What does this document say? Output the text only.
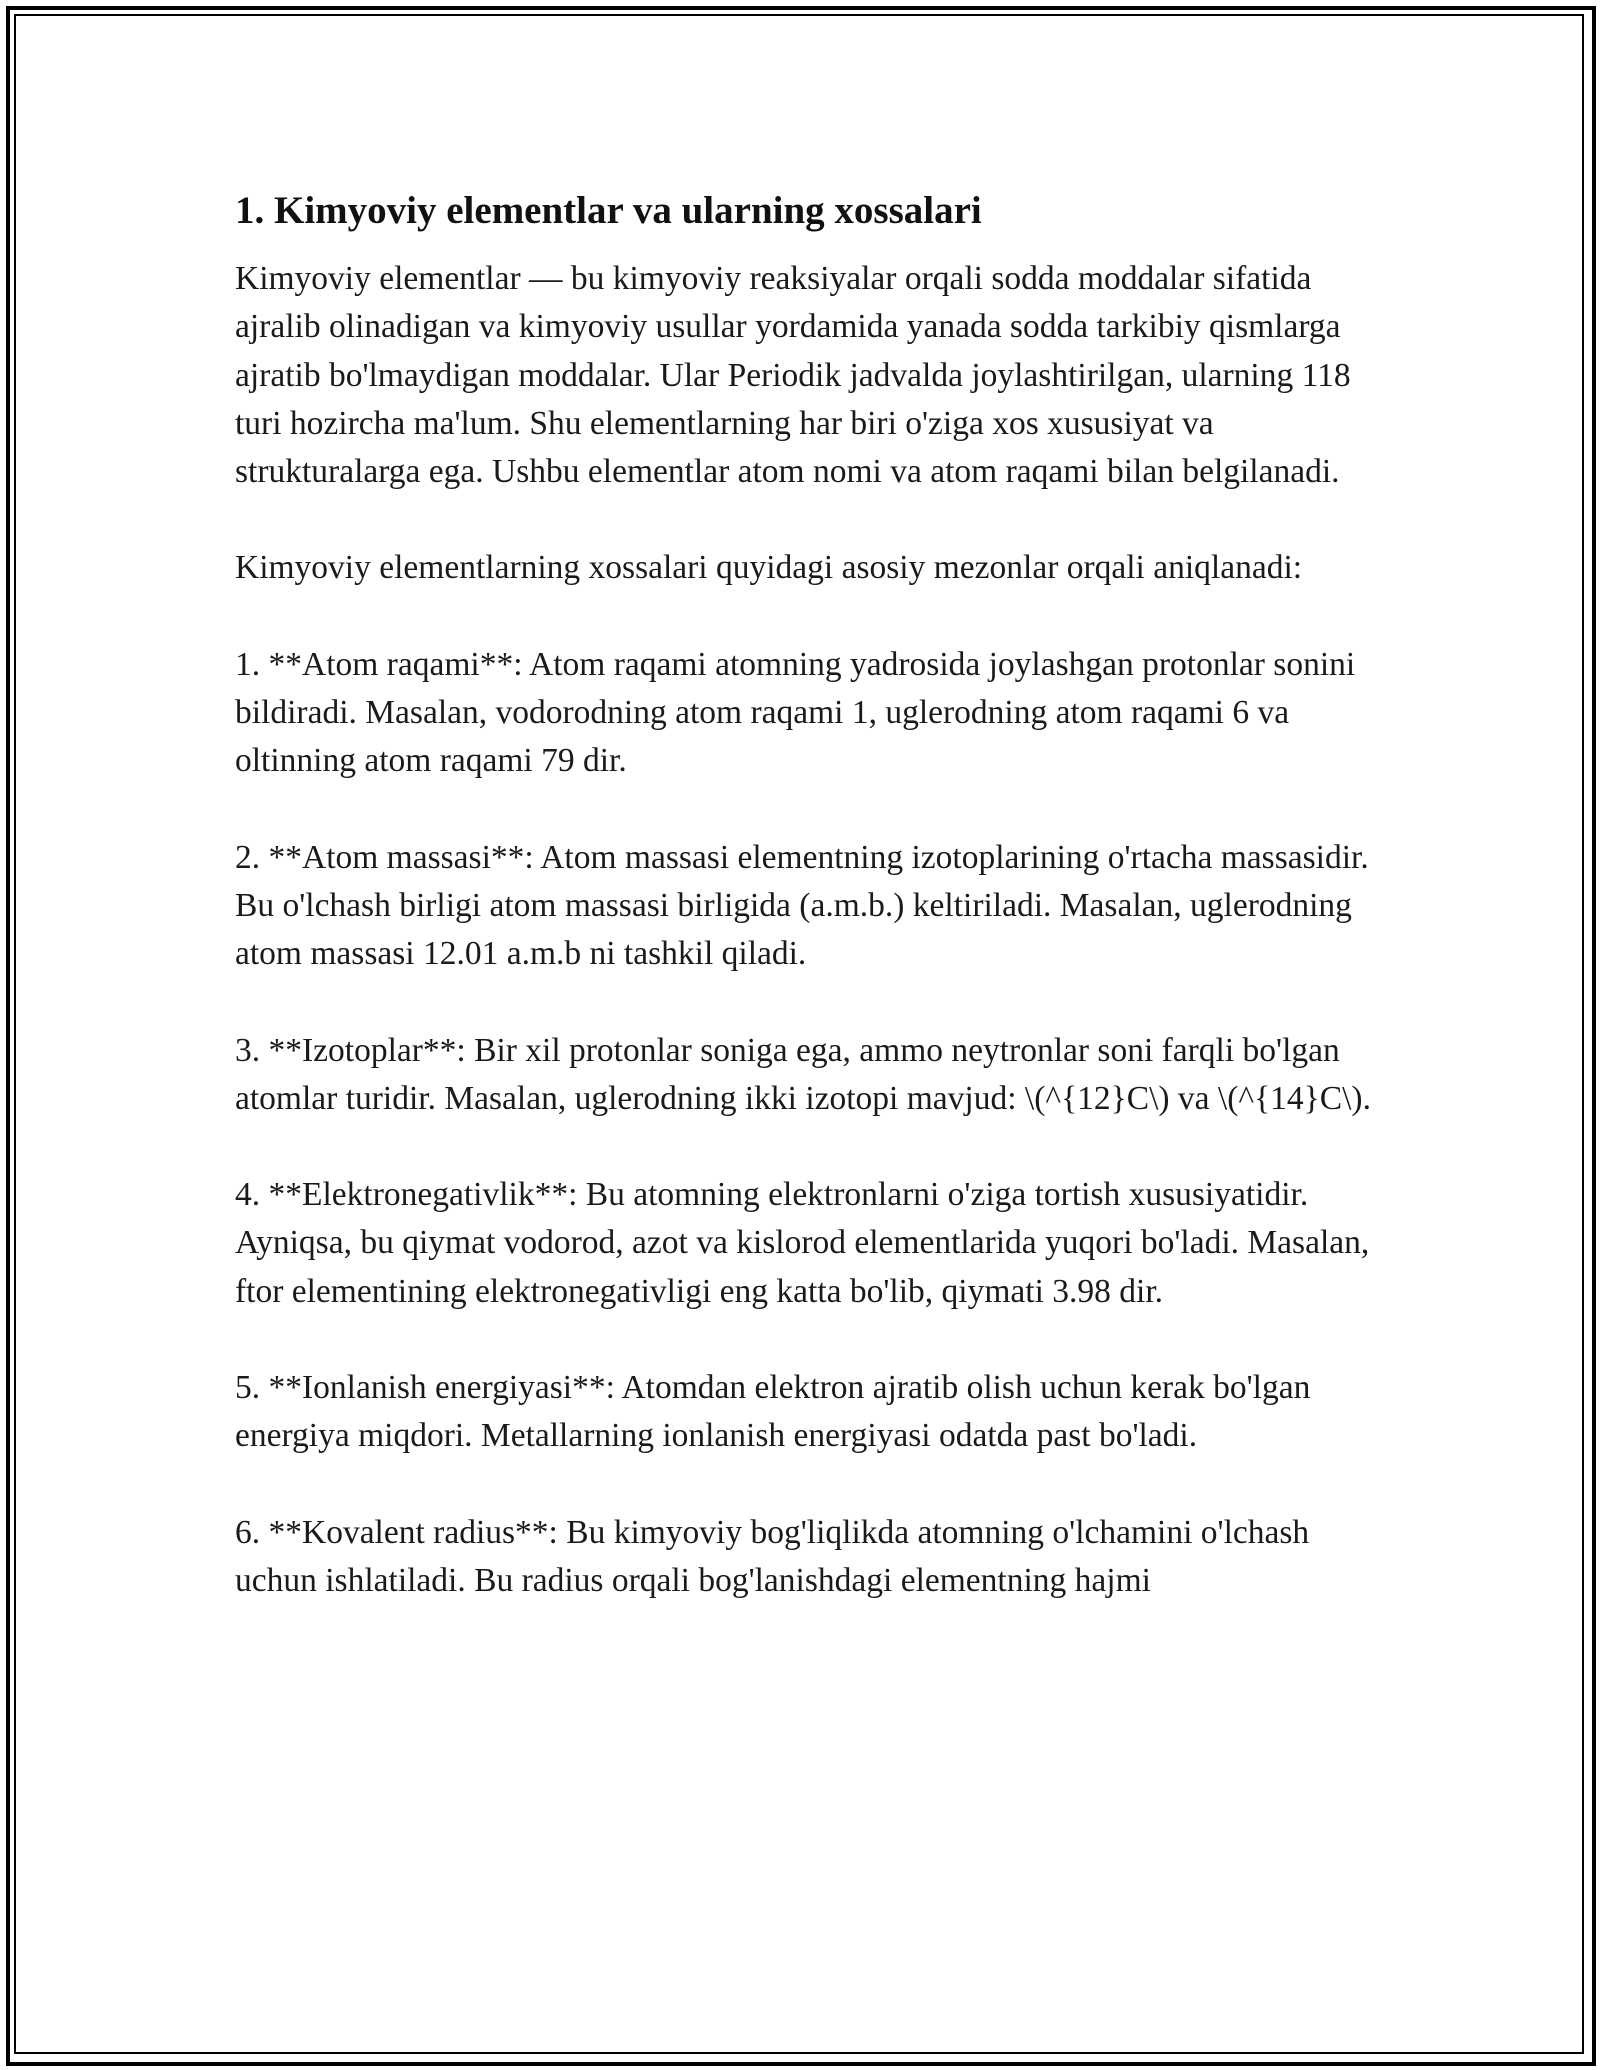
1. Kimyoviy elementlar va ularning xossalari

Kimyoviy elementlar — bu kimyoviy reaksiyalar orqali sodda moddalar sifatida ajralib olinadigan va kimyoviy usullar yordamida yanada sodda tarkibiy qismlarga ajratib bo'lmaydigan moddalar. Ular Periodik jadvalda joylashtirilgan, ularning 118 turi hozircha ma'lum. Shu elementlarning har biri o'ziga xos xususiyat va strukturalarga ega. Ushbu elementlar atom nomi va atom raqami bilan belgilanadi.

Kimyoviy elementlarning xossalari quyidagi asosiy mezonlar orqali aniqlanadi:

1. **Atom raqami**: Atom raqami atomning yadrosida joylashgan protonlar sonini bildiradi. Masalan, vodorodning atom raqami 1, uglerodning atom raqami 6 va oltinning atom raqami 79 dir.

2. **Atom massasi**: Atom massasi elementning izotoplarining o'rtacha massasidir. Bu o'lchash birligi atom massasi birligida (a.m.b.) keltiriladi. Masalan, uglerodning atom massasi 12.01 a.m.b ni tashkil qiladi.

3. **Izotoplar**: Bir xil protonlar soniga ega, ammo neytronlar soni farqli bo'lgan atomlar turidir. Masalan, uglerodning ikki izotopi mavjud: \(^{12}C\) va \(^{14}C\).

4. **Elektronegativlik**: Bu atomning elektronlarni o'ziga tortish xususiyatidir. Ayniqsa, bu qiymat vodorod, azot va kislorod elementlarida yuqori bo'ladi. Masalan, ftor elementining elektronegativligi eng katta bo'lib, qiymati 3.98 dir.

5. **Ionlanish energiyasi**: Atomdan elektron ajratib olish uchun kerak bo'lgan energiya miqdori. Metallarning ionlanish energiyasi odatda past bo'ladi.

6. **Kovalent radius**: Bu kimyoviy bog'liqlikda atomning o'lchamini o'lchash uchun ishlatiladi. Bu radius orqali bog'lanishdagi elementning hajmi
